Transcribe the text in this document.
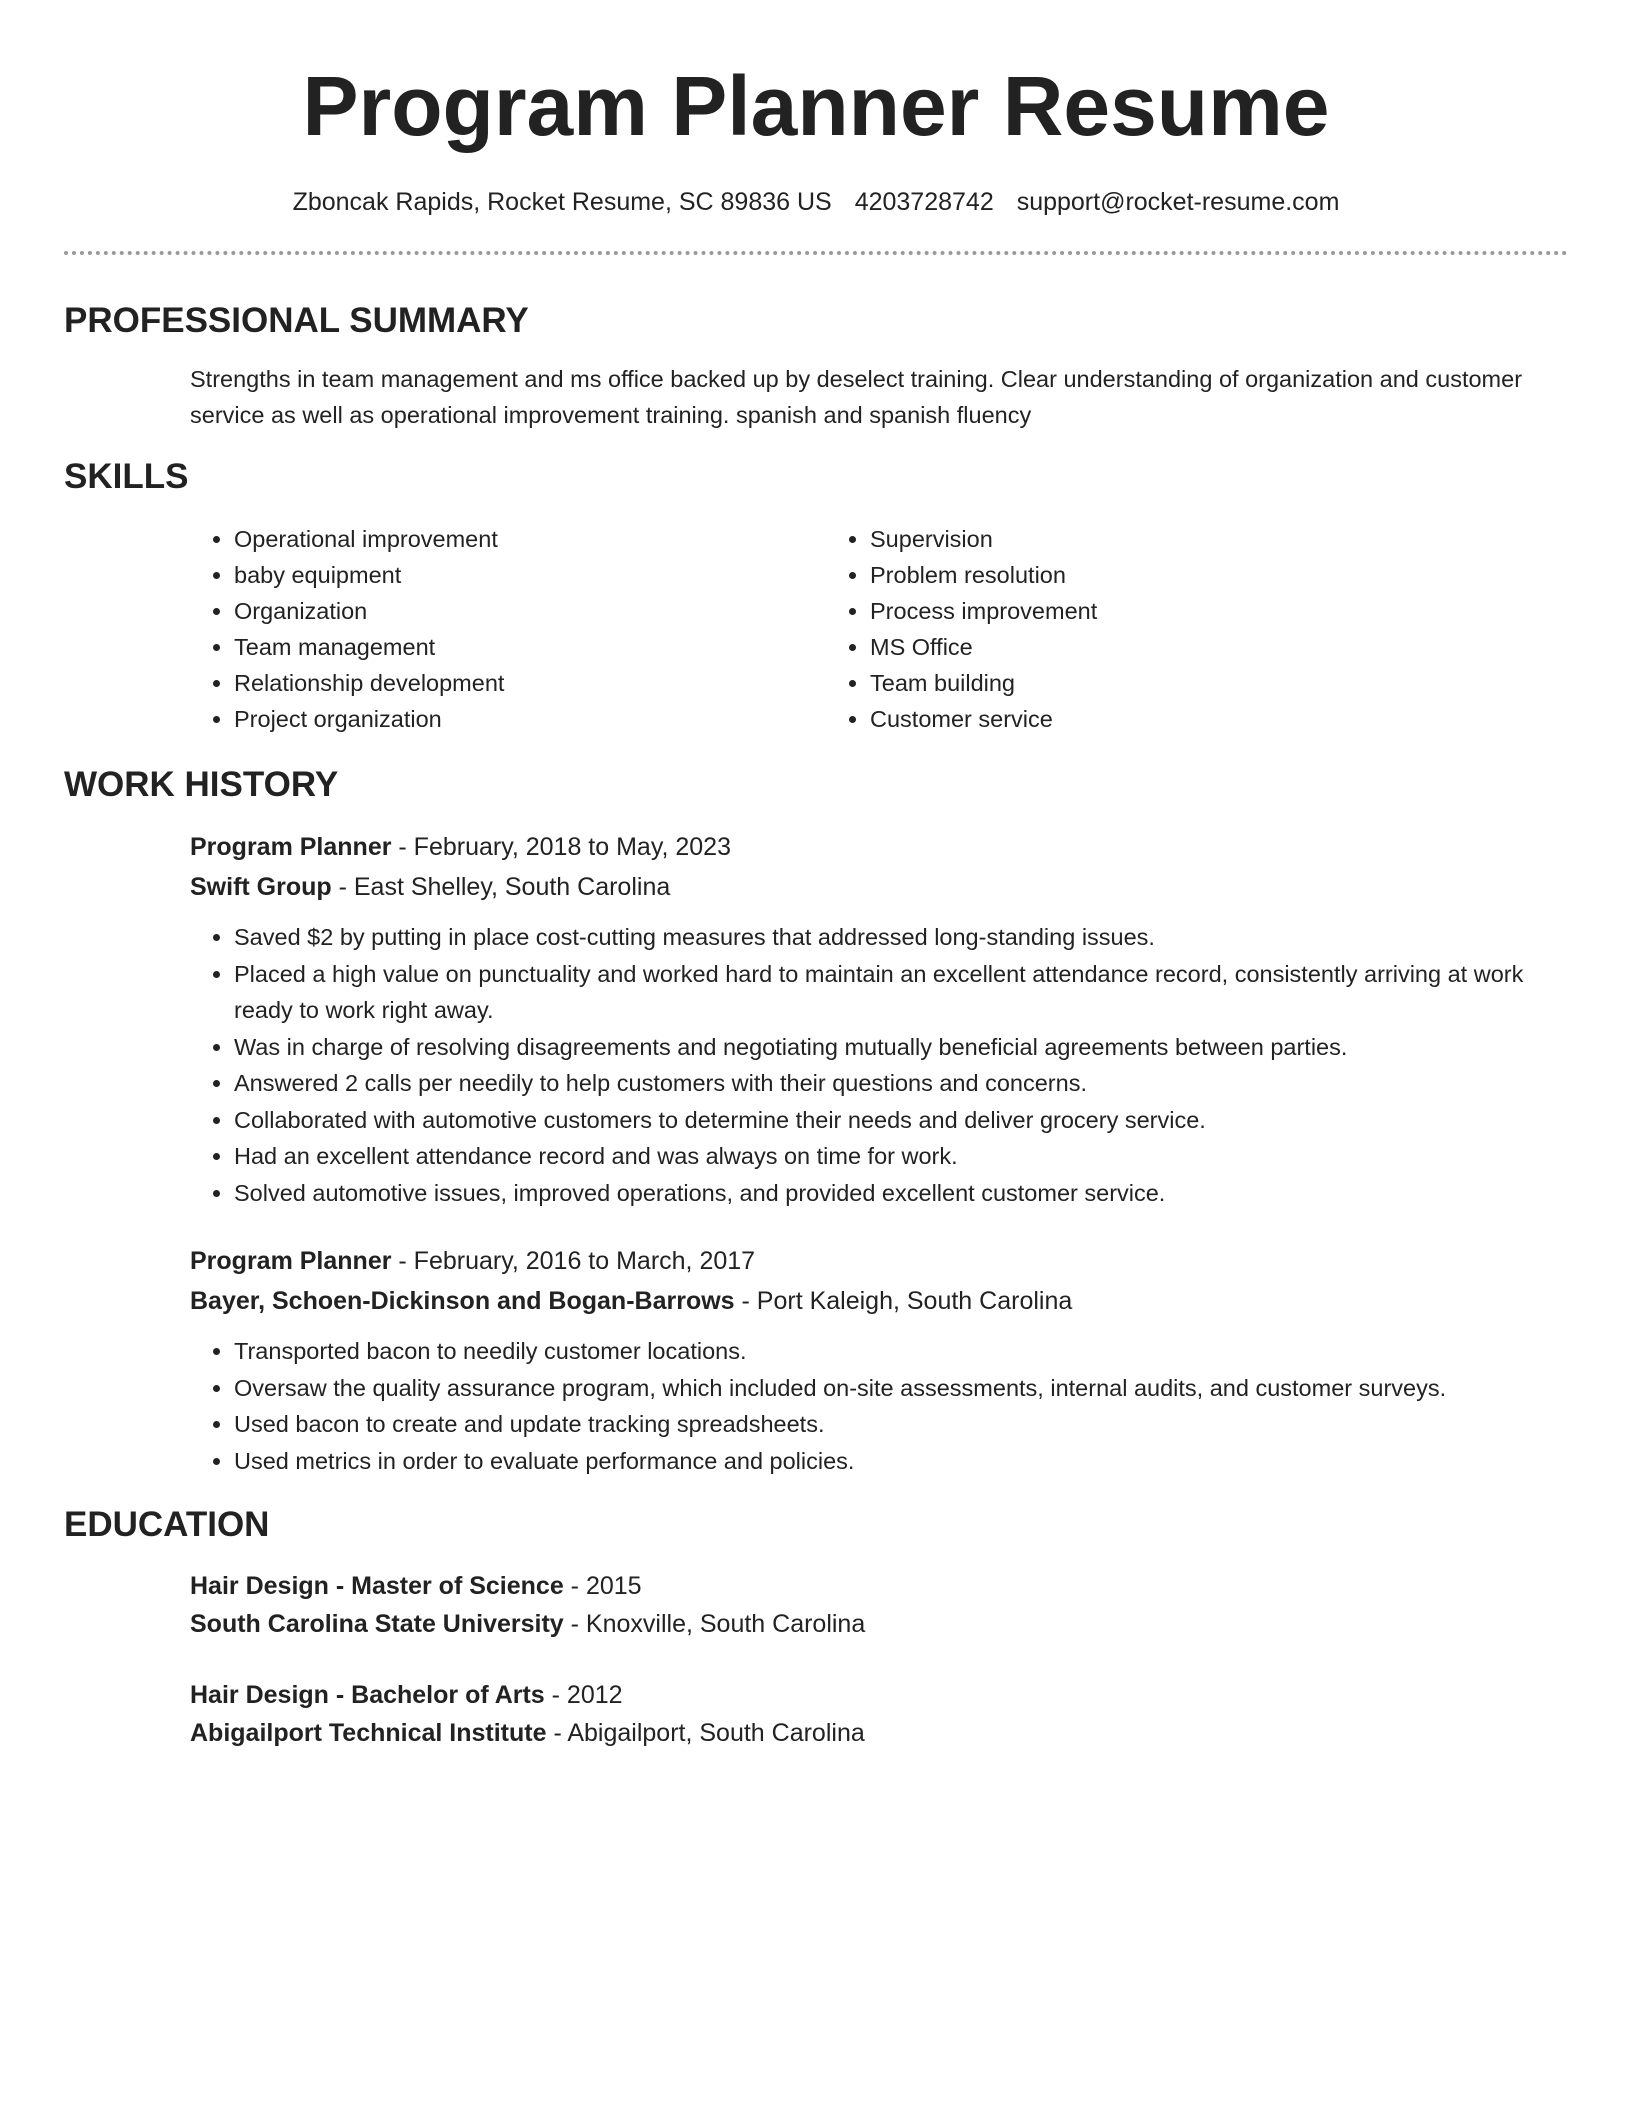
Program Planner Resume
Zboncak Rapids, Rocket Resume, SC 89836 US 4203728742 support@rocket-resume.com
PROFESSIONAL SUMMARY
Strengths in team management and ms office backed up by deselect training. Clear understanding of organization and customer service as well as operational improvement training. spanish and spanish fluency
SKILLS
• Operational improvement
• baby equipment
• Organization
• Team management
• Relationship development
• Project organization
• Supervision
• Problem resolution
• Process improvement
• MS Office
• Team building
• Customer service
WORK HISTORY
Program Planner - February, 2018 to May, 2023
Swift Group - East Shelley, South Carolina
• Saved $2 by putting in place cost-cutting measures that addressed long-standing issues.
• Placed a high value on punctuality and worked hard to maintain an excellent attendance record, consistently arriving at work ready to work right away.
• Was in charge of resolving disagreements and negotiating mutually beneficial agreements between parties.
• Answered 2 calls per needily to help customers with their questions and concerns.
• Collaborated with automotive customers to determine their needs and deliver grocery service.
• Had an excellent attendance record and was always on time for work.
• Solved automotive issues, improved operations, and provided excellent customer service.
Program Planner - February, 2016 to March, 2017
Bayer, Schoen-Dickinson and Bogan-Barrows - Port Kaleigh, South Carolina
• Transported bacon to needily customer locations.
• Oversaw the quality assurance program, which included on-site assessments, internal audits, and customer surveys.
• Used bacon to create and update tracking spreadsheets.
• Used metrics in order to evaluate performance and policies.
EDUCATION
Hair Design - Master of Science - 2015
South Carolina State University - Knoxville, South Carolina
Hair Design - Bachelor of Arts - 2012
Abigailport Technical Institute - Abigailport, South Carolina
